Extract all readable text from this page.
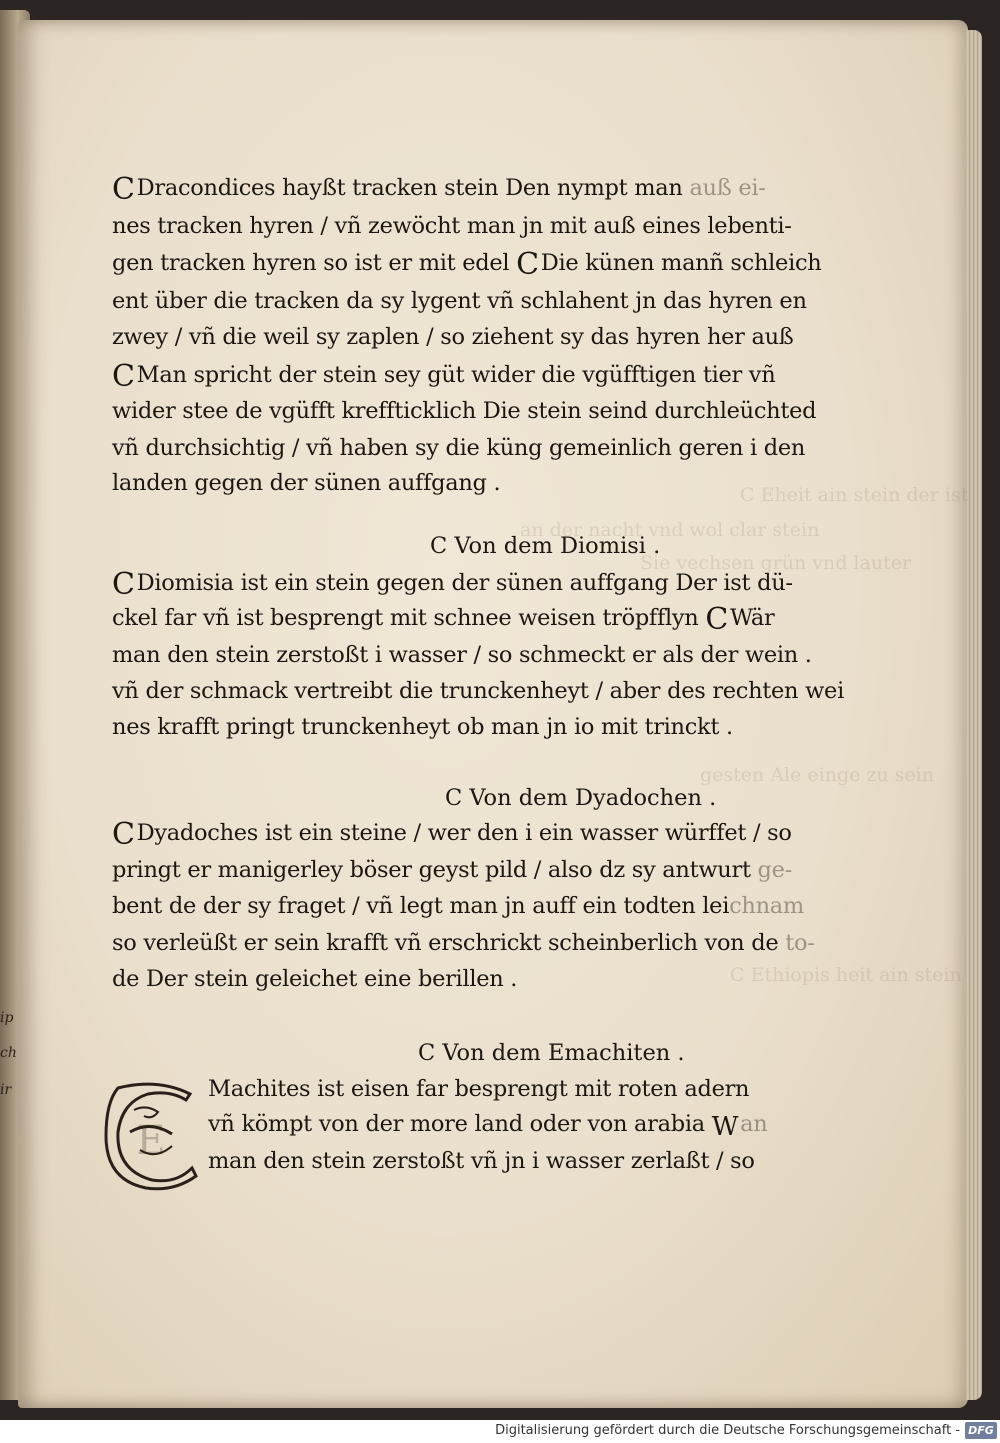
ip
ch
ir
CDracondices hayßt tracken stein Den nympt man auß ei-
nes tracken hyren / vñ zewöcht man jn mit auß eines lebenti-
gen tracken hyren so ist er mit edel CDie künen manñ schleich
ent über die tracken da sy lygent vñ schlahent jn das hyren en
zwey / vñ die weil sy zaplen / so ziehent sy das hyren her auß
CMan spricht der stein sey güt wider die vgüfftigen tier vñ
wider stee de vgüfft kreffticklich Die stein seind durchleüchted
vñ durchsichtig / vñ haben sy die küng gemeinlich geren i den
landen gegen der sünen auffgang .
C Von dem Diomisi .
CDiomisia ist ein stein gegen der sünen auffgang Der ist dü-
ckel far vñ ist besprengt mit schnee weisen tröpfflyn CWär
man den stein zerstoßt i wasser / so schmeckt er als der wein .
vñ der schmack vertreibt die trunckenheyt / aber des rechten wei
nes krafft pringt trunckenheyt ob man jn io mit trinckt .
C Von dem Dyadochen .
CDyadoches ist ein steine / wer den i ein wasser würffet / so
pringt er manigerley böser geyst pild / also dz sy antwurt ge-
bent de der sy fraget / vñ legt man jn auff ein todten leichnam
so verleüßt er sein krafft vñ erschrickt scheinberlich von de to-
de Der stein geleichet eine berillen .
C Von dem Emachiten .
E
Machites ist eisen far besprengt mit roten adern
vñ kömpt von der more land oder von arabia Wan
man den stein zerstoßt vñ jn i wasser zerlaßt / so
Digitalisierung gefördert durch die Deutsche Forschungsgemeinschaft - DFG
